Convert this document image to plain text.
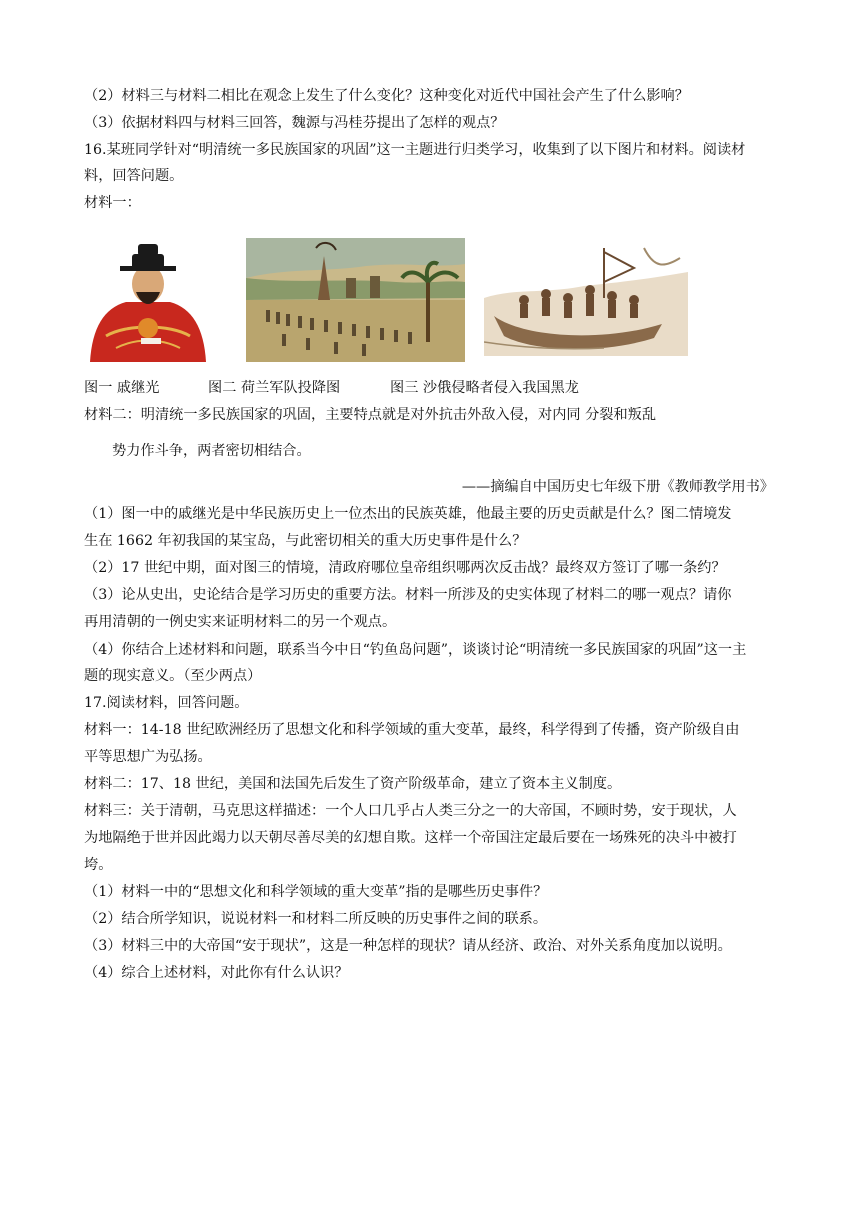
（2）材料三与材料二相比在观念上发生了什么变化？这种变化对近代中国社会产生了什么影响？
（3）依据材料四与材料三回答，魏源与冯桂芬提出了怎样的观点？
16.某班同学针对“明清统一多民族国家的巩固”这一主题进行归类学习，收集到了以下图片和材料。阅读材
料，回答问题。
材料一：
图一 戚继光	图二 荷兰军队投降图	图三 沙俄侵略者侵入我国黑龙
材料二：明清统一多民族国家的巩固，主要特点就是对外抗击外敌入侵，对内同 分裂和叛乱
势力作斗争，两者密切相结合。
——摘编自中国历史七年级下册《教师教学用书》
（1）图一中的戚继光是中华民族历史上一位杰出的民族英雄，他最主要的历史贡献是什么？图二情境发
生在 1662 年初我国的某宝岛，与此密切相关的重大历史事件是什么？
（2）17 世纪中期，面对图三的情境，清政府哪位皇帝组织哪两次反击战？最终双方签订了哪一条约？
（3）论从史出，史论结合是学习历史的重要方法。材料一所涉及的史实体现了材料二的哪一观点？请你
再用清朝的一例史实来证明材料二的另一个观点。
（4）你结合上述材料和问题，联系当今中日“钓鱼岛问题”，谈谈讨论“明清统一多民族国家的巩固”这一主
题的现实意义。（至少两点）
17.阅读材料，回答问题。
材料一：14-18 世纪欧洲经历了思想文化和科学领域的重大变革，最终，科学得到了传播，资产阶级自由
平等思想广为弘扬。
材料二：17、18 世纪，美国和法国先后发生了资产阶级革命，建立了资本主义制度。
材料三：关于清朝，马克思这样描述：一个人口几乎占人类三分之一的大帝国，不顾时势，安于现状，人
为地隔绝于世并因此竭力以天朝尽善尽美的幻想自欺。这样一个帝国注定最后要在一场殊死的决斗中被打
垮。
（1）材料一中的“思想文化和科学领域的重大变革”指的是哪些历史事件？
（2）结合所学知识，说说材料一和材料二所反映的历史事件之间的联系。
（3）材料三中的大帝国“安于现状”，这是一种怎样的现状？请从经济、政治、对外关系角度加以说明。
（4）综合上述材料，对此你有什么认识？
